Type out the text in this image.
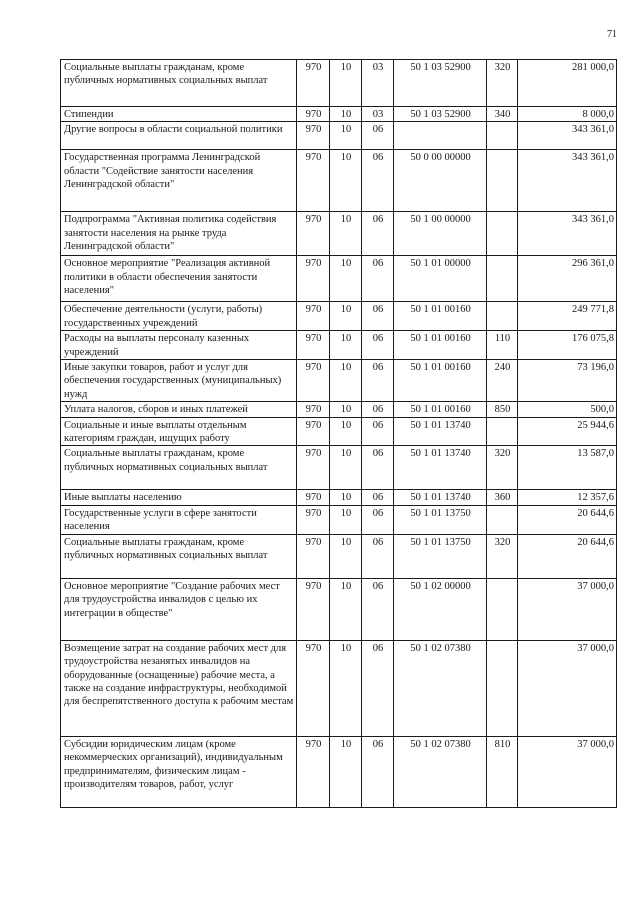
71
Социальные выплаты гражданам, кроме публичных нормативных социальных выплат	970	10	03	50 1 03 52900	320	281 000,0
Стипендии	970	10	03	50 1 03 52900	340	8 000,0
Другие вопросы в области социальной политики	970	10	06			343 361,0
Государственная программа Ленинградской области "Содействие занятости населения Ленинградской области"	970	10	06	50 0 00 00000		343 361,0
Подпрограмма "Активная политика содействия занятости населения на рынке труда Ленинградской области"	970	10	06	50 1 00 00000		343 361,0
Основное мероприятие "Реализация активной политики в области обеспечения занятости населения"	970	10	06	50 1 01 00000		296 361,0
Обеспечение деятельности (услуги, работы) государственных учреждений	970	10	06	50 1 01 00160		249 771,8
Расходы на выплаты персоналу казенных учреждений	970	10	06	50 1 01 00160	110	176 075,8
Иные закупки товаров, работ и услуг для обеспечения государственных (муниципальных) нужд	970	10	06	50 1 01 00160	240	73 196,0
Уплата налогов, сборов и иных платежей	970	10	06	50 1 01 00160	850	500,0
Социальные и иные выплаты отдельным категориям граждан, ищущих работу	970	10	06	50 1 01 13740		25 944,6
Социальные выплаты гражданам, кроме публичных нормативных социальных выплат	970	10	06	50 1 01 13740	320	13 587,0
Иные выплаты населению	970	10	06	50 1 01 13740	360	12 357,6
Государственные услуги в сфере занятости населения	970	10	06	50 1 01 13750		20 644,6
Социальные выплаты гражданам, кроме публичных нормативных социальных выплат	970	10	06	50 1 01 13750	320	20 644,6
Основное мероприятие "Создание рабочих мест для трудоустройства инвалидов с целью их интеграции в обществе"	970	10	06	50 1 02 00000		37 000,0
Возмещение затрат на создание рабочих мест для трудоустройства незанятых инвалидов на оборудованные (оснащенные) рабочие места, а также на создание инфраструктуры, необходимой для беспрепятственного доступа к рабочим местам	970	10	06	50 1 02 07380		37 000,0
Субсидии юридическим лицам (кроме некоммерческих организаций), индивидуальным предпринимателям, физическим лицам - производителям товаров, работ, услуг	970	10	06	50 1 02 07380	810	37 000,0
